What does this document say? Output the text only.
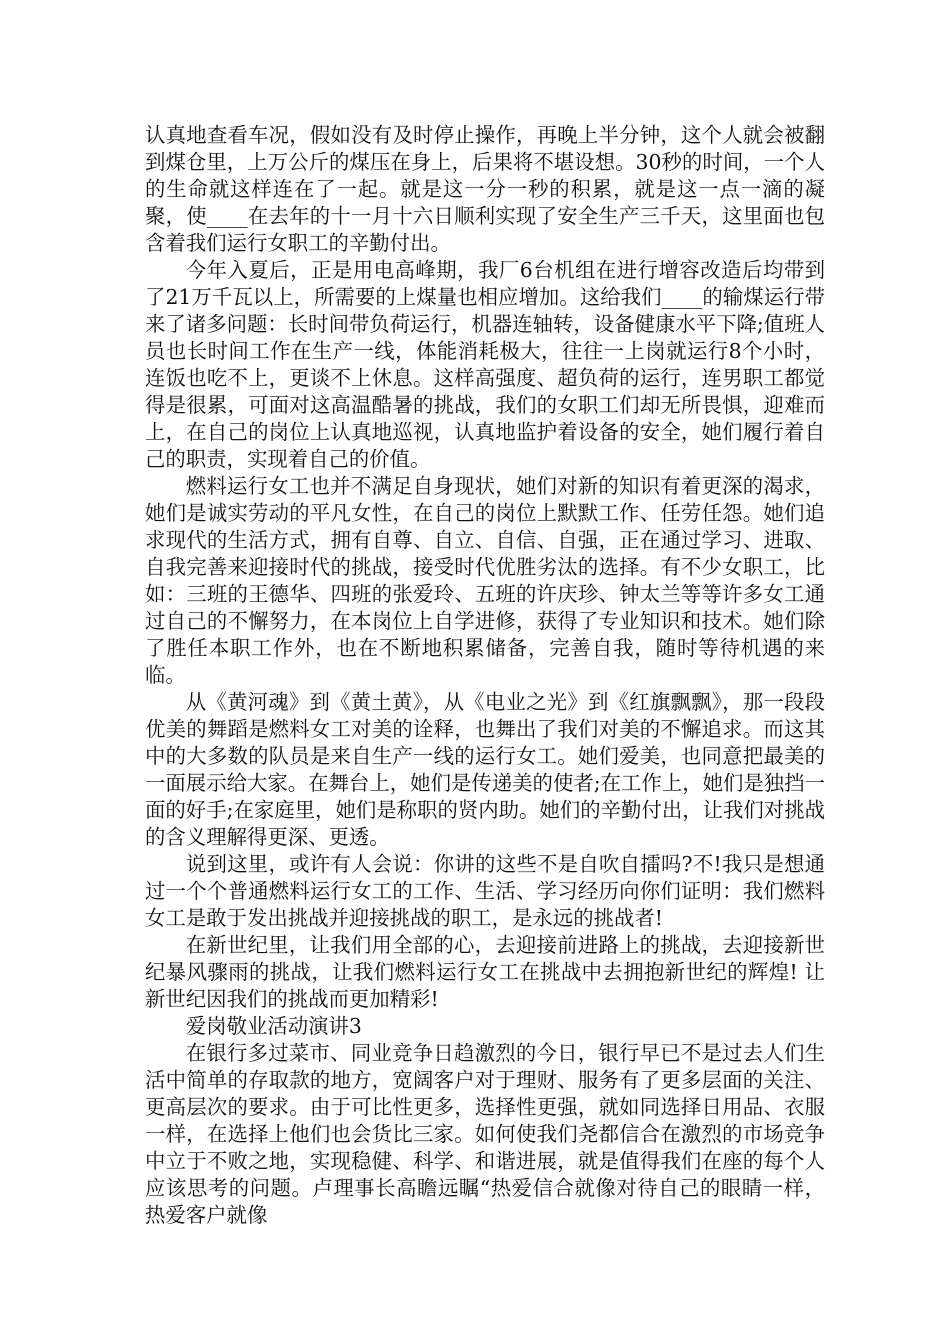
认真地查看车况，假如没有及时停止操作，再晚上半分钟，这个人就会被翻到煤仓里，上万公斤的煤压在身上，后果将不堪设想。30秒的时间，一个人的生命就这样连在了一起。就是这一分一秒的积累，就是这一点一滴的凝聚，使____在去年的十一月十六日顺利实现了安全生产三千天，这里面也包含着我们运行女职工的辛勤付出。

今年入夏后，正是用电高峰期，我厂6台机组在进行增容改造后均带到了21万千瓦以上，所需要的上煤量也相应增加。这给我们____的输煤运行带来了诸多问题：长时间带负荷运行，机器连轴转，设备健康水平下降;值班人员也长时间工作在生产一线，体能消耗极大，往往一上岗就运行8个小时，连饭也吃不上，更谈不上休息。这样高强度、超负荷的运行，连男职工都觉得是很累，可面对这高温酷暑的挑战，我们的女职工们却无所畏惧，迎难而上，在自己的岗位上认真地巡视，认真地监护着设备的安全，她们履行着自己的职责，实现着自己的价值。

燃料运行女工也并不满足自身现状，她们对新的知识有着更深的渴求，她们是诚实劳动的平凡女性，在自己的岗位上默默工作、任劳任怨。她们追求现代的生活方式，拥有自尊、自立、自信、自强，正在通过学习、进取、自我完善来迎接时代的挑战，接受时代优胜劣汰的选择。有不少女职工，比如：三班的王德华、四班的张爱玲、五班的许庆珍、钟太兰等等许多女工通过自己的不懈努力，在本岗位上自学进修，获得了专业知识和技术。她们除了胜任本职工作外，也在不断地积累储备，完善自我，随时等待机遇的来临。

从《黄河魂》到《黄土黄》，从《电业之光》到《红旗飘飘》，那一段段优美的舞蹈是燃料女工对美的诠释，也舞出了我们对美的不懈追求。而这其中的大多数的队员是来自生产一线的运行女工。她们爱美，也同意把最美的一面展示给大家。在舞台上，她们是传递美的使者;在工作上，她们是独挡一面的好手;在家庭里，她们是称职的贤内助。她们的辛勤付出，让我们对挑战的含义理解得更深、更透。

说到这里，或许有人会说：你讲的这些不是自吹自擂吗?不!我只是想通过一个个普通燃料运行女工的工作、生活、学习经历向你们证明：我们燃料女工是敢于发出挑战并迎接挑战的职工，是永远的挑战者!

在新世纪里，让我们用全部的心，去迎接前进路上的挑战，去迎接新世纪暴风骤雨的挑战，让我们燃料运行女工在挑战中去拥抱新世纪的辉煌! 让新世纪因我们的挑战而更加精彩!

爱岗敬业活动演讲3

在银行多过菜市、同业竞争日趋激烈的今日，银行早已不是过去人们生活中简单的存取款的地方，宽阔客户对于理财、服务有了更多层面的关注、更高层次的要求。由于可比性更多，选择性更强，就如同选择日用品、衣服一样，在选择上他们也会货比三家。如何使我们尧都信合在激烈的市场竞争中立于不败之地，实现稳健、科学、和谐进展，就是值得我们在座的每个人应该思考的问题。卢理事长高瞻远瞩“热爱信合就像对待自己的眼睛一样，热爱客户就像
